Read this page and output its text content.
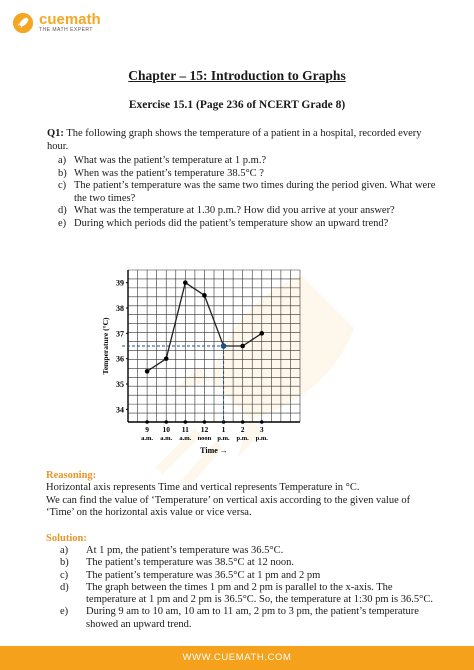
cuemath
THE MATH EXPERT
Chapter – 15: Introduction to Graphs
Exercise 15.1 (Page 236 of NCERT Grade 8)
Q1: The following graph shows the temperature of a patient in a hospital, recorded every hour.
a) What was the patient’s temperature at 1 p.m.?
b) When was the patient’s temperature 38.5°C ?
c) The patient’s temperature was the same two times during the period given. What were the two times?
d) What was the temperature at 1.30 p.m.? How did you arrive at your answer?
e) During which periods did the patient’s temperature show an upward trend?
34
35
36
37
38
39
9
a.m.
10
a.m.
11
a.m.
12
noon
1
p.m.
2
p.m.
3
p.m.
Time →
Temperature (°C)
Reasoning:
Horizontal axis represents Time and vertical represents Temperature in °C.
We can find the value of ‘Temperature’ on vertical axis according to the given value of ‘Time’ on the horizontal axis value or vice versa.
Solution:
a)	At 1 pm, the patient’s temperature was 36.5°C.
b)	The patient’s temperature was 38.5°C at 12 noon.
c)	The patient’s temperature was 36.5°C at 1 pm and 2 pm
d)	The graph between the times 1 pm and 2 pm is parallel to the x-axis. The temperature at 1 pm and 2 pm is 36.5°C. So, the temperature at 1:30 pm is 36.5°C.
e)	During 9 am to 10 am, 10 am to 11 am, 2 pm to 3 pm, the patient’s temperature showed an upward trend.
WWW.CUEMATH.COM
